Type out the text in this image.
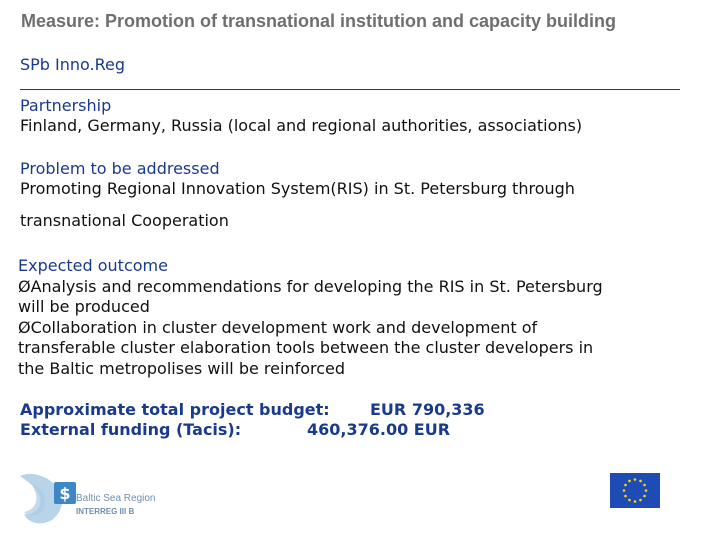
Measure: Promotion of transnational institution and capacity building
SPb Inno.Reg
Partnership
Finland, Germany, Russia (local and regional authorities, associations)
Problem to be addressed
Promoting Regional Innovation System(RIS) in St. Petersburg through
transnational Cooperation
Expected outcome
ØAnalysis and recommendations for developing the RIS in St. Petersburg
will be produced
ØCollaboration in cluster development work and development of
transferable cluster elaboration tools between the cluster developers in
the Baltic metropolises will be reinforced
Approximate total project budget:	EUR 790,336
External funding (Tacis):	460,376.00 EUR
$ Baltic Sea Region
INTERREG III B
